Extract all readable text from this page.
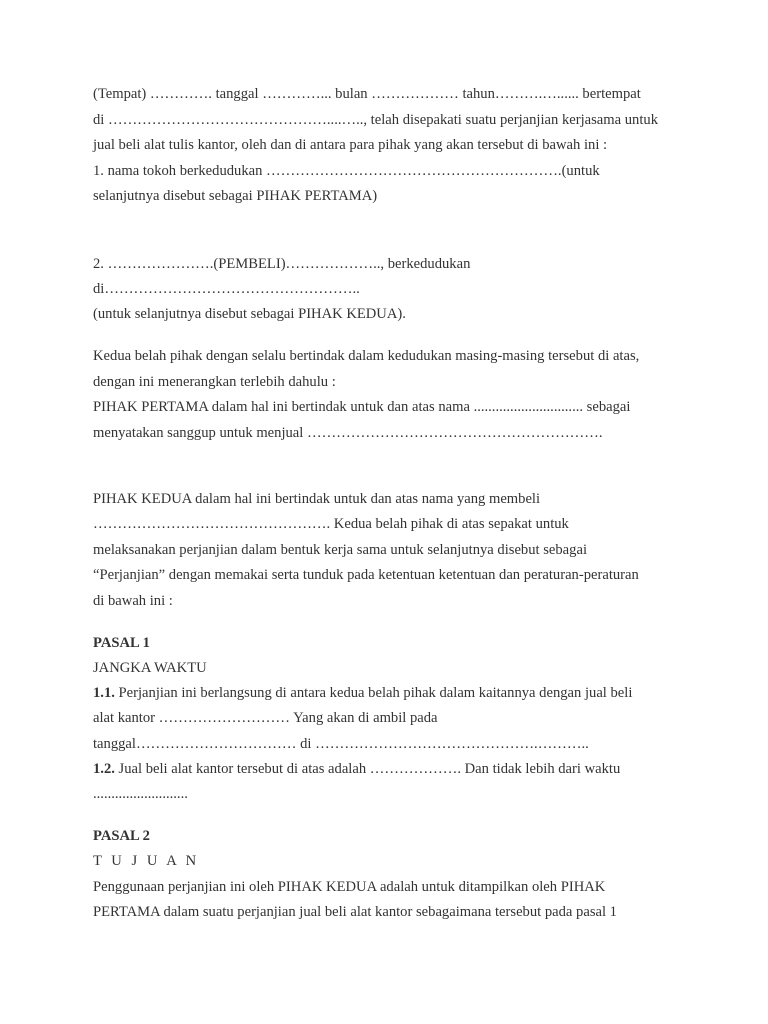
(Tempat) …………. tanggal …………... bulan ……………… tahun……….…...... bertempat
di ………………………………………....….., telah disepakati suatu perjanjian kerjasama untuk
jual beli alat tulis kantor, oleh dan di antara para pihak yang akan tersebut di bawah ini :
1. nama tokoh berkedudukan …………………………………………………….(untuk
selanjutnya disebut sebagai PIHAK PERTAMA)
2. ………………….(PEMBELI)……………….., berkedudukan
di……………………………………………..
(untuk selanjutnya disebut sebagai PIHAK KEDUA).
Kedua belah pihak dengan selalu bertindak dalam kedudukan masing-masing tersebut di atas,
dengan ini menerangkan terlebih dahulu :
PIHAK PERTAMA dalam hal ini bertindak untuk dan atas nama .............................. sebagai
menyatakan sanggup untuk menjual …………………………………………………….
PIHAK KEDUA dalam hal ini bertindak untuk dan atas nama yang membeli
…………………………………………. Kedua belah pihak di atas sepakat untuk
melaksanakan perjanjian dalam bentuk kerja sama untuk selanjutnya disebut sebagai
“Perjanjian” dengan memakai serta tunduk pada ketentuan ketentuan dan peraturan-peraturan
di bawah ini :
PASAL 1
JANGKA WAKTU
1.1. Perjanjian ini berlangsung di antara kedua belah pihak dalam kaitannya dengan jual beli
alat kantor ……………………… Yang akan di ambil pada
tanggal…………………………… di ……………………………………….………..
1.2. Jual beli alat kantor tersebut di atas adalah ………………. Dan tidak lebih dari waktu
..........................
PASAL 2
T U J U A N
Penggunaan perjanjian ini oleh PIHAK KEDUA adalah untuk ditampilkan oleh PIHAK
PERTAMA dalam suatu perjanjian jual beli alat kantor sebagaimana tersebut pada pasal 1
